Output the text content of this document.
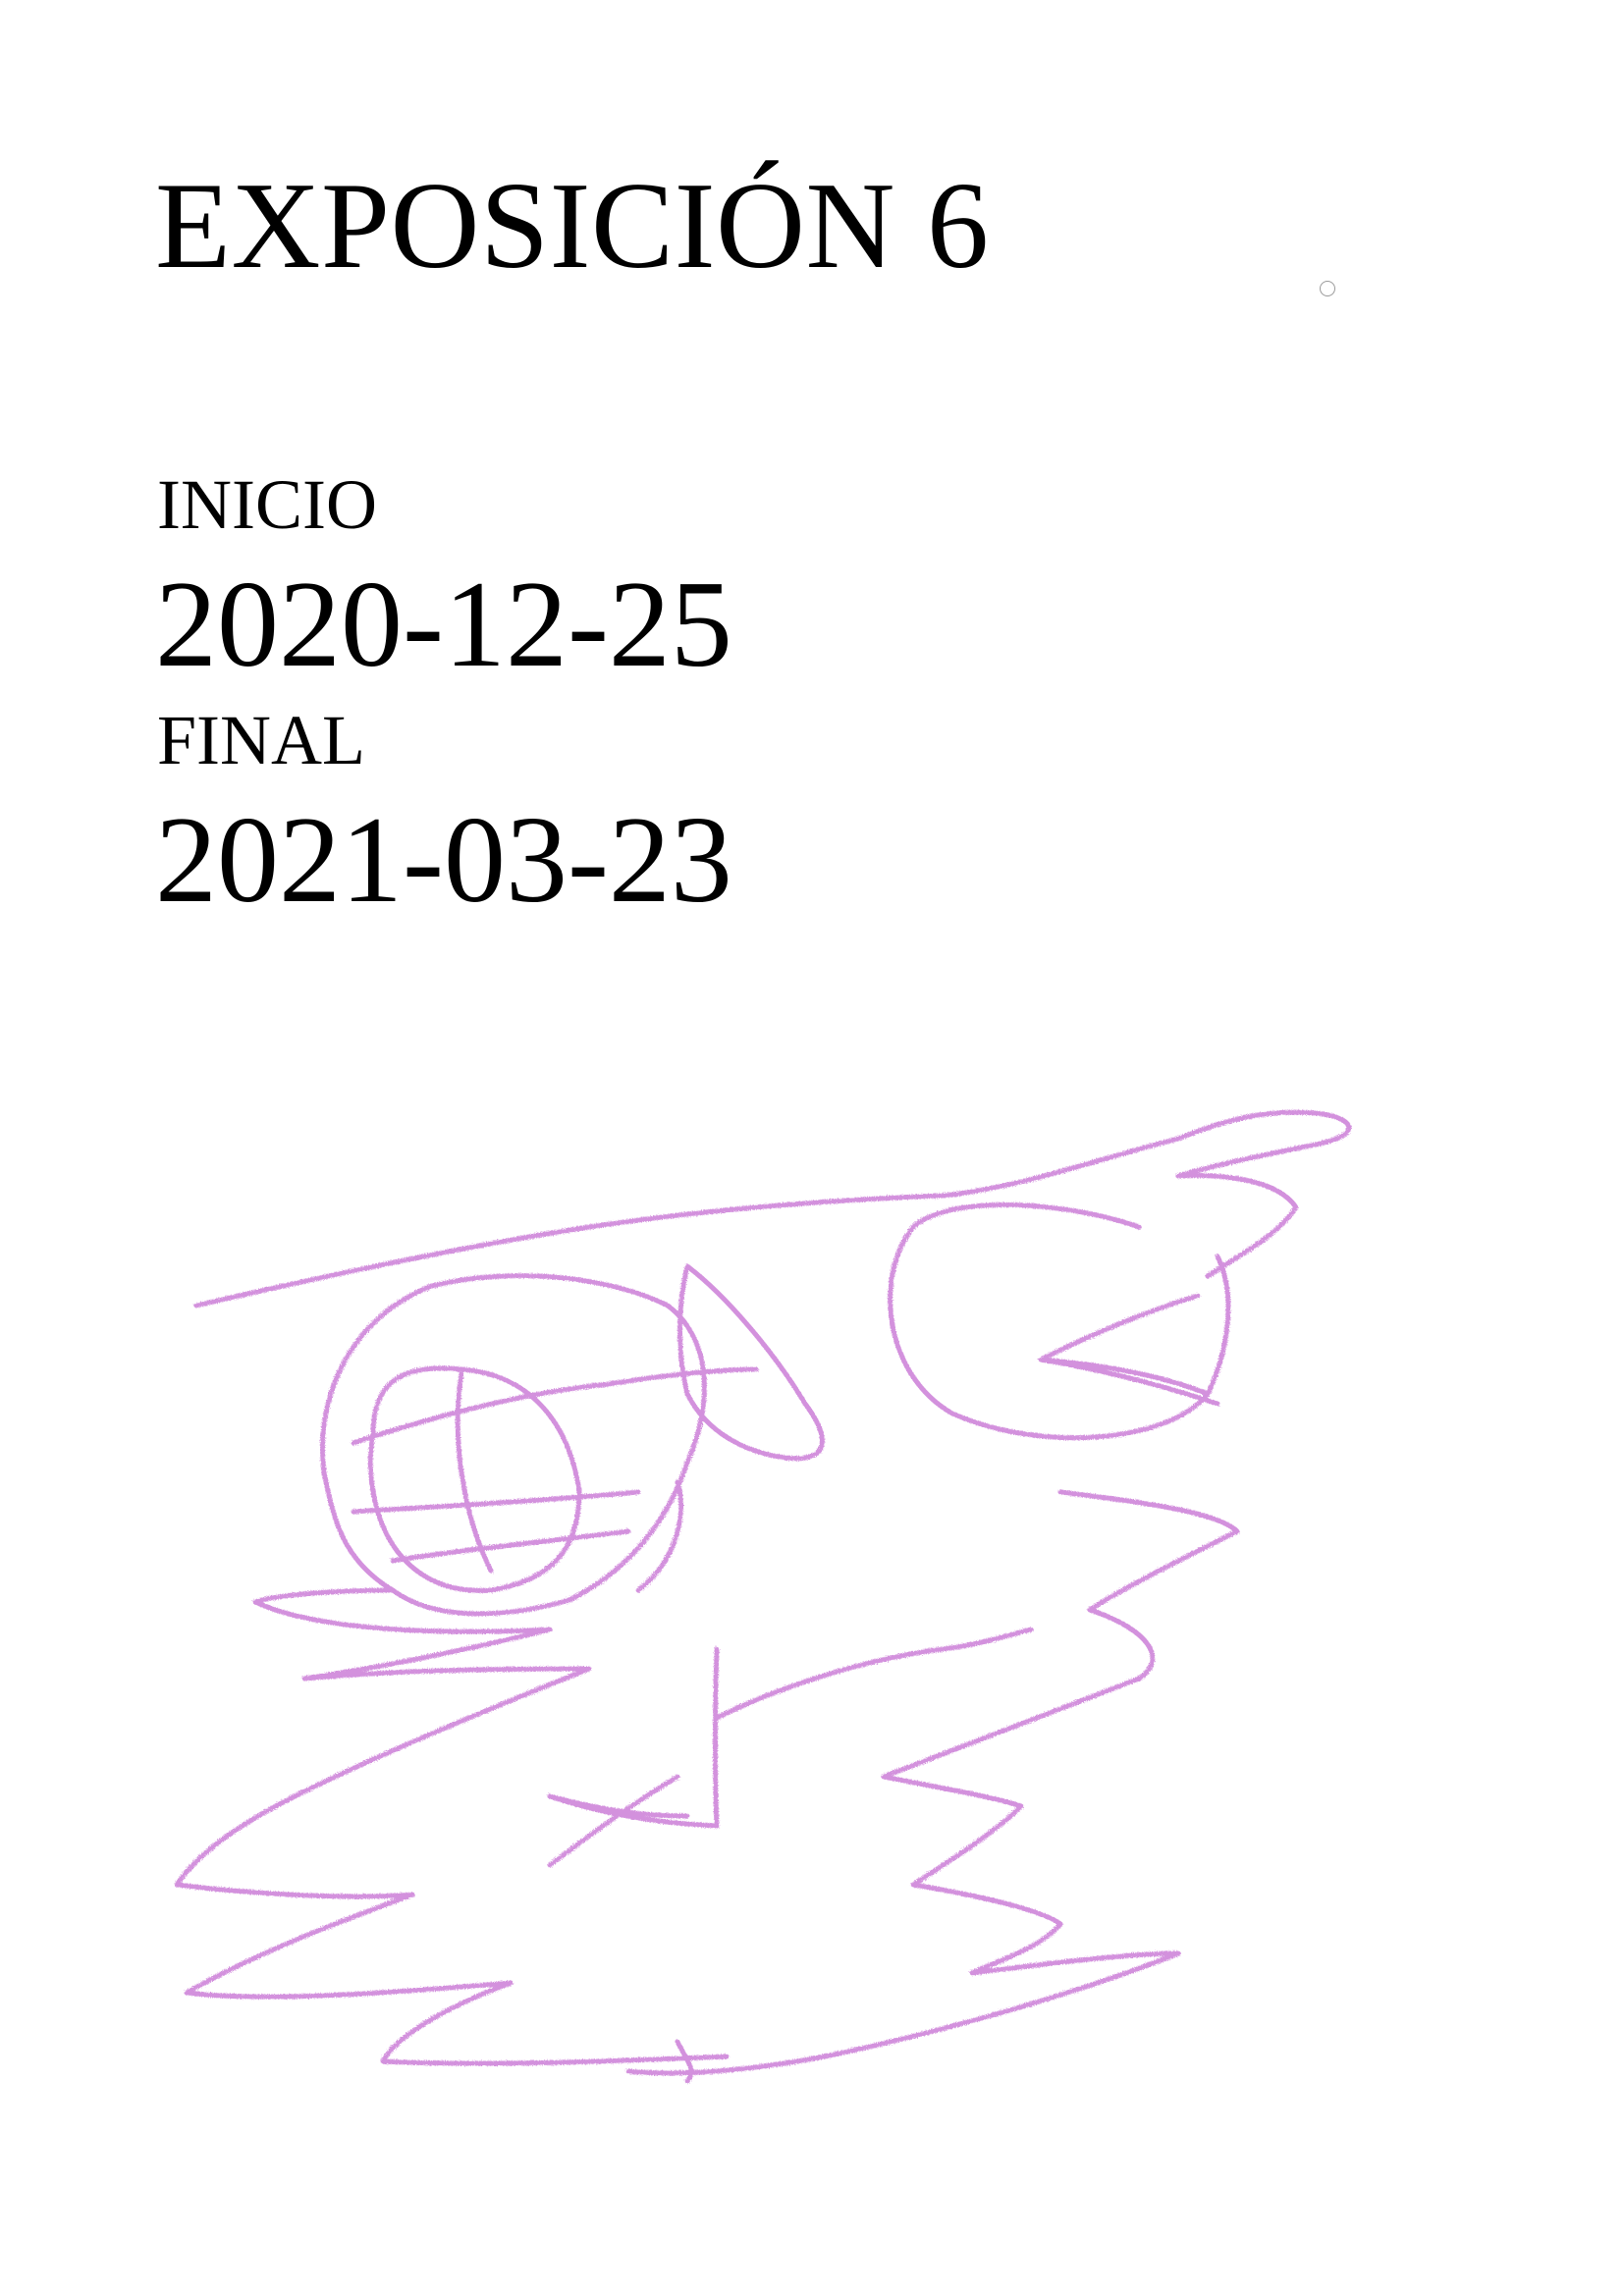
EXPOSICIÓN 6

INICIO

2020-12-25

FINAL

2021-03-23
